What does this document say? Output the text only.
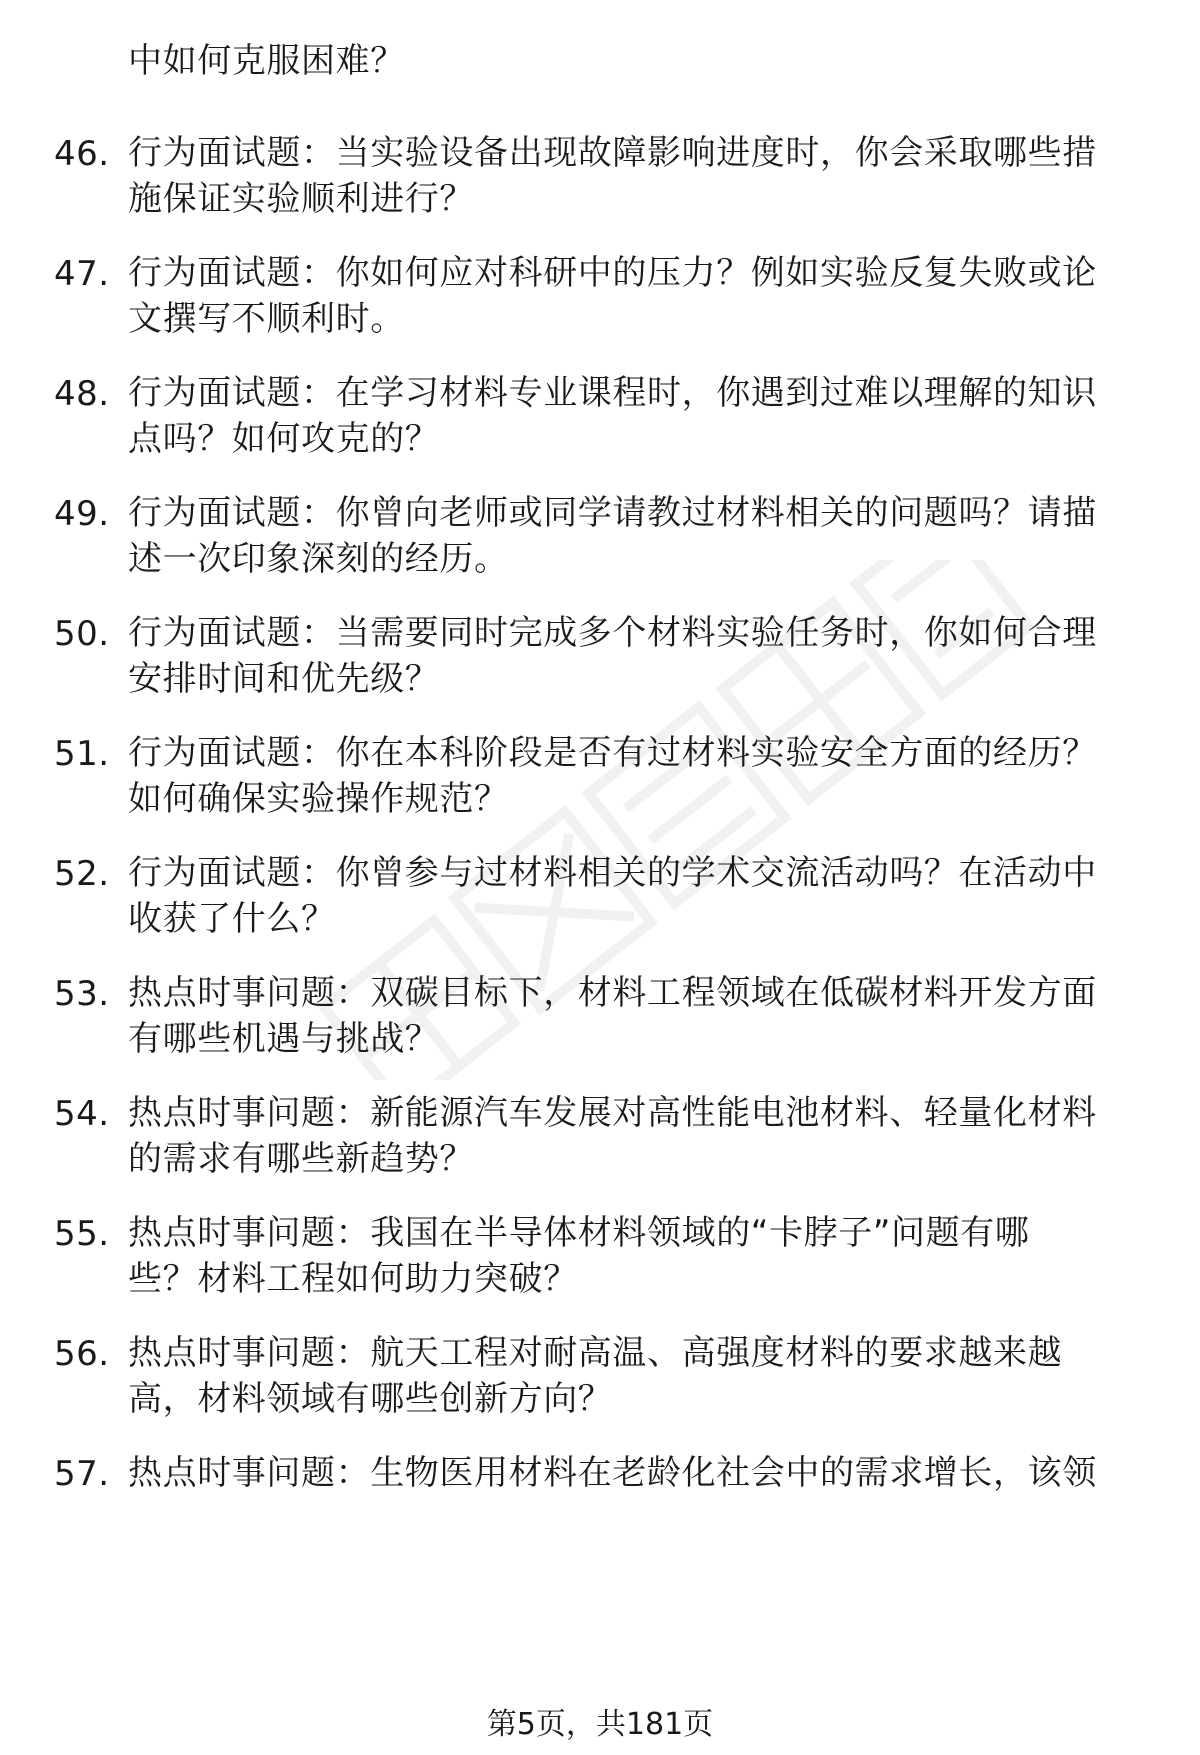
中如何克服困难？
46. 行为面试题：当实验设备出现故障影响进度时，你会采取哪些措
施保证实验顺利进行？
47. 行为面试题：你如何应对科研中的压力？例如实验反复失败或论
文撰写不顺利时。
48. 行为面试题：在学习材料专业课程时，你遇到过难以理解的知识
点吗？如何攻克的？
49. 行为面试题：你曾向老师或同学请教过材料相关的问题吗？请描
述一次印象深刻的经历。
50. 行为面试题：当需要同时完成多个材料实验任务时，你如何合理
安排时间和优先级？
51. 行为面试题：你在本科阶段是否有过材料实验安全方面的经历？
如何确保实验操作规范？
52. 行为面试题：你曾参与过材料相关的学术交流活动吗？在活动中
收获了什么？
53. 热点时事问题：双碳目标下，材料工程领域在低碳材料开发方面
有哪些机遇与挑战？
54. 热点时事问题：新能源汽车发展对高性能电池材料、轻量化材料
的需求有哪些新趋势？
55. 热点时事问题：我国在半导体材料领域的“卡脖子”问题有哪
些？材料工程如何助力突破？
56. 热点时事问题：航天工程对耐高温、高强度材料的要求越来越
高，材料领域有哪些创新方向？
57. 热点时事问题：生物医用材料在老龄化社会中的需求增长，该领
第5页，共181页
